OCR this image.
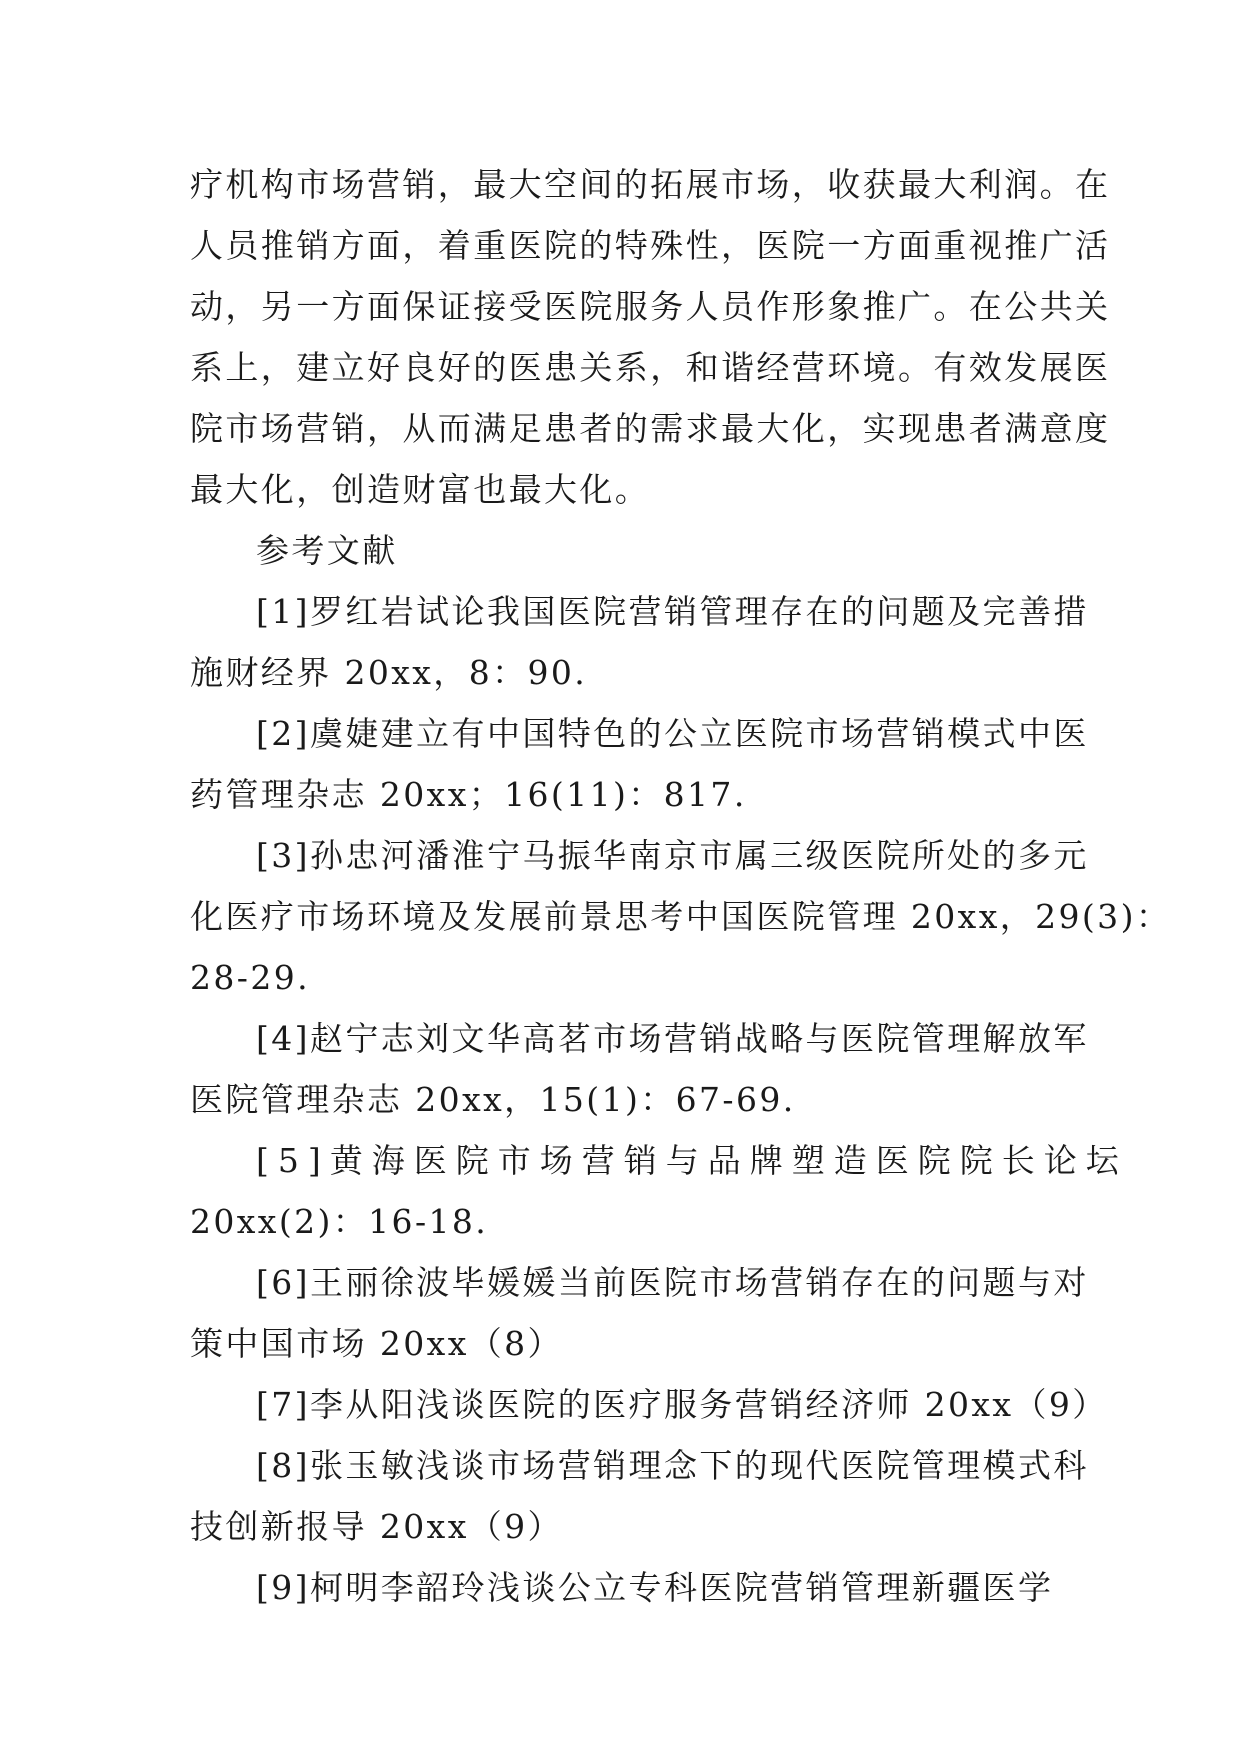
疗机构市场营销，最大空间的拓展市场，收获最大利润。在
人员推销方面，着重医院的特殊性，医院一方面重视推广活
动，另一方面保证接受医院服务人员作形象推广。在公共关
系上，建立好良好的医患关系，和谐经营环境。有效发展医
院市场营销，从而满足患者的需求最大化，实现患者满意度
最大化，创造财富也最大化。
参考文献
[1]罗红岩试论我国医院营销管理存在的问题及完善措
施财经界 20xx，8：90.
[2]虞婕建立有中国特色的公立医院市场营销模式中医
药管理杂志 20xx；16(11)：817.
[3]孙忠河潘淮宁马振华南京市属三级医院所处的多元
化医疗市场环境及发展前景思考中国医院管理 20xx，29(3)：
28-29.
[4]赵宁志刘文华高茗市场营销战略与医院管理解放军
医院管理杂志 20xx，15(1)：67-69.
[5]黄海医院市场营销与品牌塑造医院院长论坛
20xx(2)：16-18.
[6]王丽徐波毕媛媛当前医院市场营销存在的问题与对
策中国市场 20xx（8）
[7]李从阳浅谈医院的医疗服务营销经济师 20xx（9）
[8]张玉敏浅谈市场营销理念下的现代医院管理模式科
技创新报导 20xx（9）
[9]柯明李韶玲浅谈公立专科医院营销管理新疆医学
